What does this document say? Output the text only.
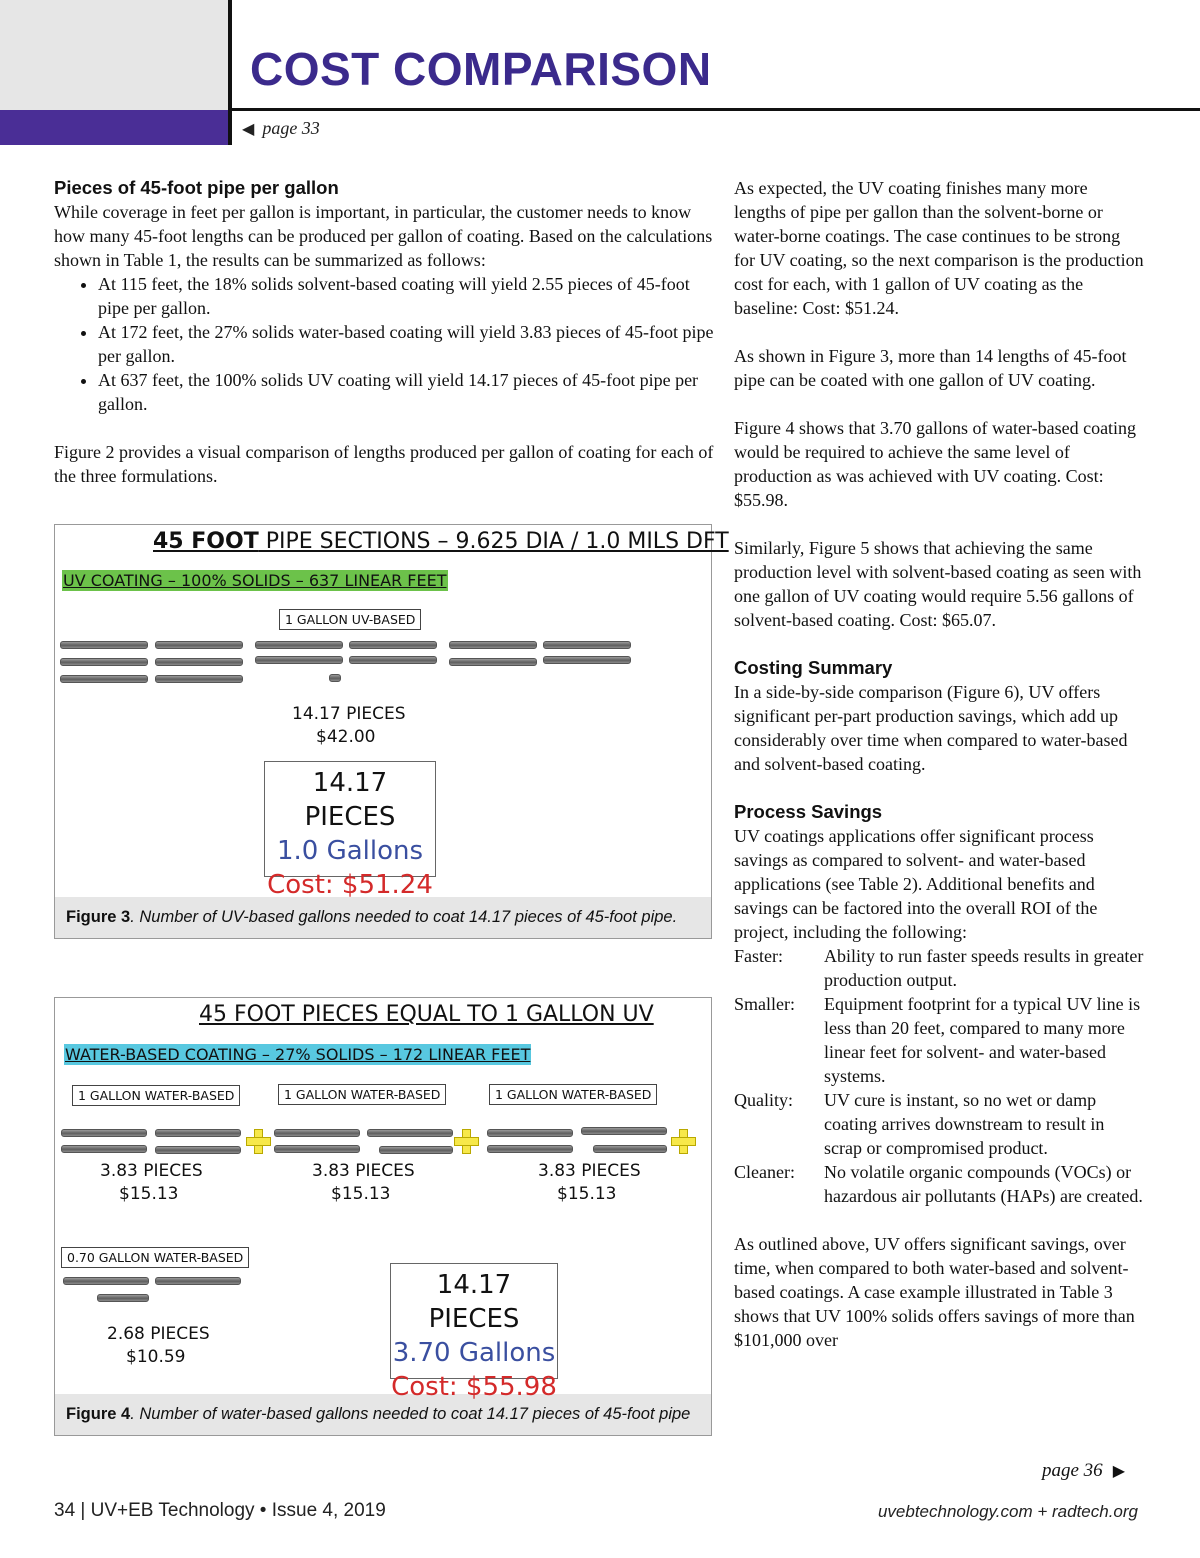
COST COMPARISON
◀ page 33
Pieces of 45-foot pipe per gallon

While coverage in feet per gallon is important, in particular, the customer needs to know how many 45-foot lengths can be produced per gallon of coating. Based on the calculations shown in Table 1, the results can be summarized as follows:

• At 115 feet, the 18% solids solvent-based coating will yield 2.55 pieces of 45-foot pipe per gallon.
• At 172 feet, the 27% solids water-based coating will yield 3.83 pieces of 45-foot pipe per gallon.
• At 637 feet, the 100% solids UV coating will yield 14.17 pieces of 45-foot pipe per gallon.

Figure 2 provides a visual comparison of lengths produced per gallon of coating for each of the three formulations.

45 FOOT PIPE SECTIONS – 9.625 DIA / 1.0 MILS DFT
UV COATING – 100% SOLIDS – 637 LINEAR FEET
1 GALLON UV-BASED
14.17 PIECES
$42.00
14.17 PIECES
1.0 Gallons
Cost: $51.24
Figure 3. Number of UV-based gallons needed to coat 14.17 pieces of 45-foot pipe.
45 FOOT PIECES EQUAL TO 1 GALLON UV
WATER-BASED COATING – 27% SOLIDS – 172 LINEAR FEET
1 GALLON WATER-BASED	1 GALLON WATER-BASED	1 GALLON WATER-BASED
3.83 PIECES
$15.13
3.83 PIECES
$15.13
3.83 PIECES
$15.13
0.70 GALLON WATER-BASED
2.68 PIECES
$10.59
14.17 PIECES
3.70 Gallons
Cost: $55.98
Figure 4. Number of water-based gallons needed to coat 14.17 pieces of 45-foot pipe

As expected, the UV coating finishes many more lengths of pipe per gallon than the solvent-borne or water-borne coatings. The case continues to be strong for UV coating, so the next comparison is the production cost for each, with 1 gallon of UV coating as the baseline: Cost: $51.24.

As shown in Figure 3, more than 14 lengths of 45-foot pipe can be coated with one gallon of UV coating.

Figure 4 shows that 3.70 gallons of water-based coating would be required to achieve the same level of production as was achieved with UV coating. Cost: $55.98.

Similarly, Figure 5 shows that achieving the same production level with solvent-based coating as seen with one gallon of UV coating would require 5.56 gallons of solvent-based coating. Cost: $65.07.

Costing Summary

In a side-by-side comparison (Figure 6), UV offers significant per-part production savings, which add up considerably over time when compared to water-based and solvent-based coating.

Process Savings

UV coatings applications offer significant process savings as compared to solvent- and water-based applications (see Table 2). Additional benefits and savings can be factored into the overall ROI of the project, including the following:

Faster:	Ability to run faster speeds results in greater production output.
Smaller:	Equipment footprint for a typical UV line is less than 20 feet, compared to many more linear feet for solvent- and water-based systems.
Quality:	UV cure is instant, so no wet or damp coating arrives downstream to result in scrap or compromised product.
Cleaner:	No volatile organic compounds (VOCs) or hazardous air pollutants (HAPs) are created.

As outlined above, UV offers significant savings, over time, when compared to both water-based and solvent-based coatings. A case example illustrated in Table 3 shows that UV 100% solids offers savings of more than $101,000 over

page 36 ▶
34 | UV+EB Technology • Issue 4, 2019	uvebtechnology.com + radtech.org
